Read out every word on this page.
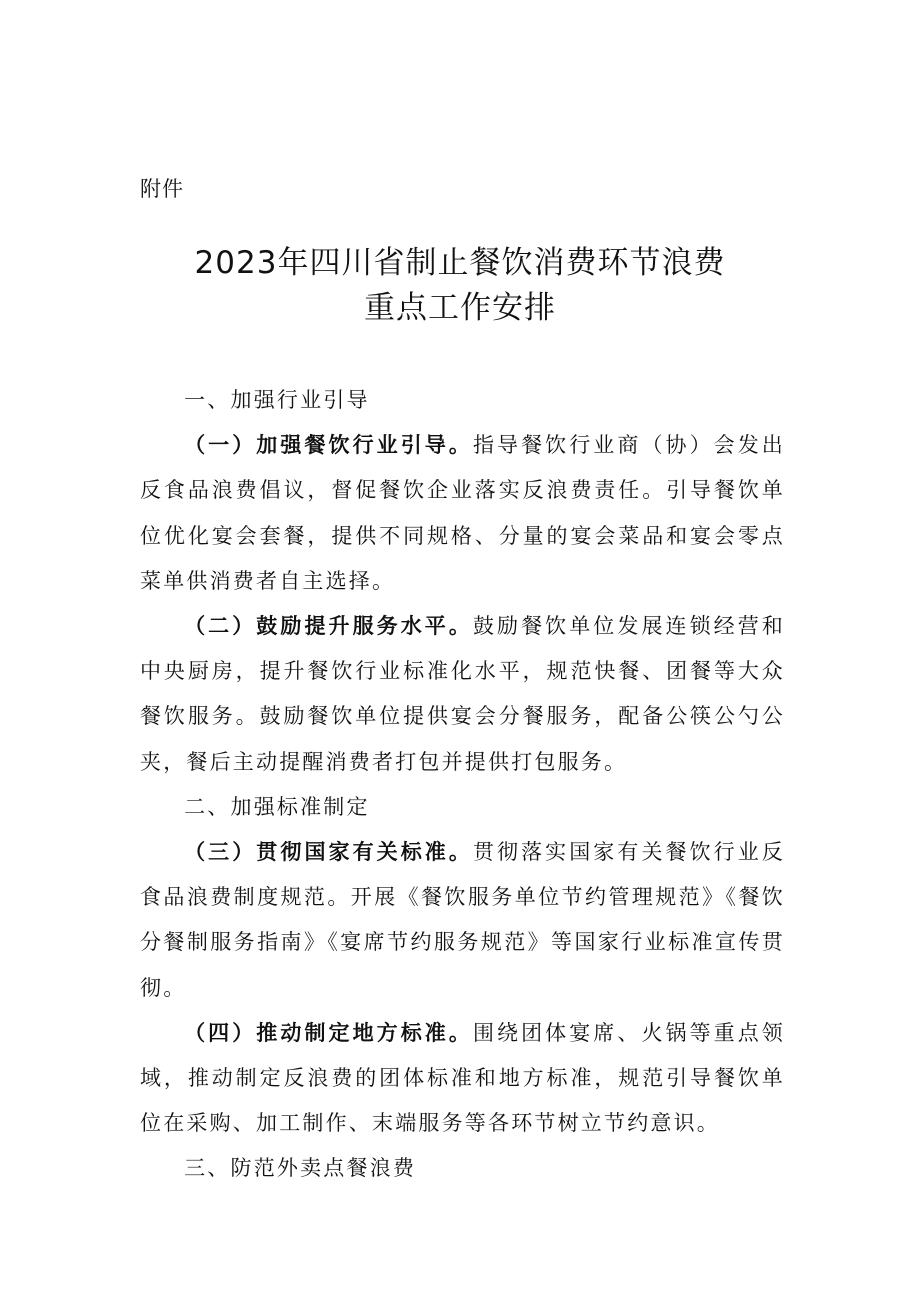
附件
2023年四川省制止餐饮消费环节浪费
重点工作安排

一、加强行业引导

（一）加强餐饮行业引导。指导餐饮行业商（协）会发出反食品浪费倡议，督促餐饮企业落实反浪费责任。引导餐饮单位优化宴会套餐，提供不同规格、分量的宴会菜品和宴会零点菜单供消费者自主选择。

（二）鼓励提升服务水平。鼓励餐饮单位发展连锁经营和中央厨房，提升餐饮行业标准化水平，规范快餐、团餐等大众餐饮服务。鼓励餐饮单位提供宴会分餐服务，配备公筷公勺公夹，餐后主动提醒消费者打包并提供打包服务。

二、加强标准制定

（三）贯彻国家有关标准。贯彻落实国家有关餐饮行业反食品浪费制度规范。开展《餐饮服务单位节约管理规范》《餐饮分餐制服务指南》《宴席节约服务规范》等国家行业标准宣传贯彻。

（四）推动制定地方标准。围绕团体宴席、火锅等重点领域，推动制定反浪费的团体标准和地方标准，规范引导餐饮单位在采购、加工制作、末端服务等各环节树立节约意识。

三、防范外卖点餐浪费
